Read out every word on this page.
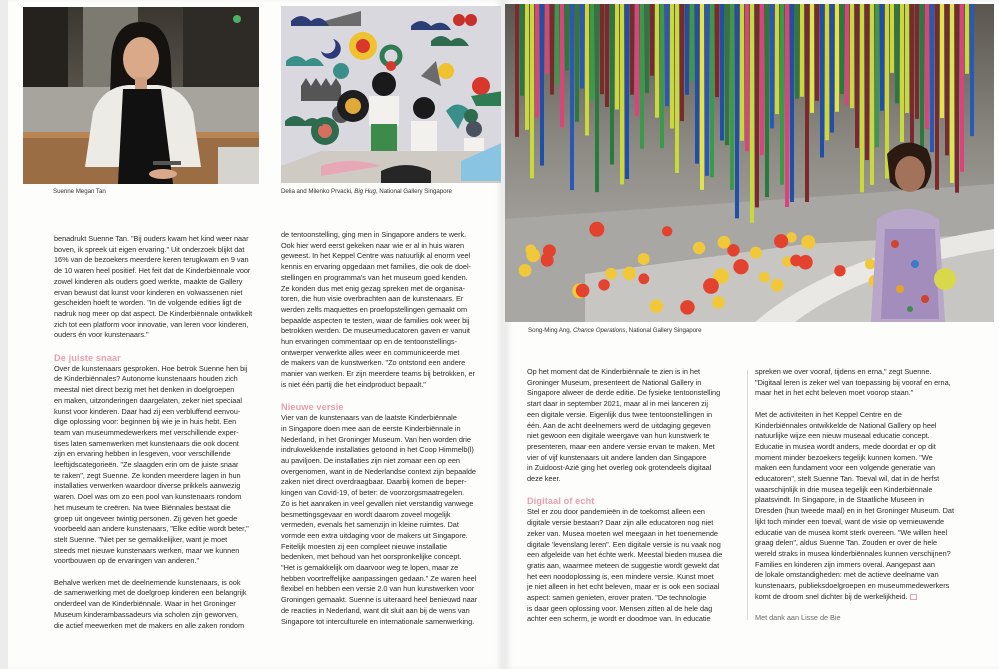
Suenne Megan Tan	Delia and Milenko Prvacki, Big Hug, National Gallery Singapore
benadrukt Suenne Tan. "Bij ouders kwam het kind weer naar
boven, ik spreek uit eigen ervaring." Uit onderzoek blijkt dat
16% van de bezoekers meerdere keren terugkwam en 9 van
de 10 waren heel positief. Het feit dat de Kinderbiënnale voor
zowel kinderen als ouders goed werkte, maakte de Gallery
ervan bewust dat kunst voor kinderen en volwassenen niet
gescheiden hoeft te worden. "In de volgende edities ligt de
nadruk nog meer op dat aspect. De Kinderbiënnale ontwikkelt
zich tot een platform voor innovatie, van leren voor kinderen,
ouders én voor kunstenaars."
De juiste snaar
Over de kunstenaars gesproken. Hoe betrok Suenne hen bij
de Kinderbiënnales? Autonome kunstenaars houden zich
meestal niet direct bezig met het denken in doelgroepen
en maken, uitzonderingen daargelaten, zeker niet speciaal
kunst voor kinderen. Daar had zij een verbluffend eenvou-
dige oplossing voor: beginnen bij wie je in huis hebt. Een
team van museummedewerkers met verschillende exper-
tises laten samenwerken met kunstenaars die ook docent
zijn en ervaring hebben in lesgeven, voor verschillende
leeftijdscategorieën. "Ze slaagden erin om de juiste snaar
te raken", zegt Suenne. Ze konden meerdere lagen in hun
installaties verwerken waardoor diverse prikkels aanwezig
waren. Doel was om zo een pool van kunstenaars rondom
het museum te creëren. Na twee Biënnales bestaat die
groep uit ongeveer twintig personen. Zij geven het goede
voorbeeld aan andere kunstenaars, "Elke editie wordt beter,"
stelt Suenne. "Niet per se gemakkelijker, want je moet
steeds met nieuwe kunstenaars werken, maar we kunnen
voortbouwen op de ervaringen van anderen."
Behalve werken met de deelnemende kunstenaars, is ook
de samenwerking met de doelgroep kinderen een belangrijk
onderdeel van de Kinderbiënnale. Waar in het Groninger
Museum kinderambassadeurs via scholen zijn geworven,
die actief meewerken met de makers en alle zaken rondom
de tentoonstelling, ging men in Singapore anders te werk.
Ook hier werd eerst gekeken naar wie er al in huis waren
geweest. In het Keppel Centre was natuurlijk al enorm veel
kennis en ervaring opgedaan met families, die ook de doel-
stellingen en programma's van het museum goed kenden.
Ze konden dus met enig gezag spreken met de organisa-
toren, die hun visie overbrachten aan de kunstenaars. Er
werden zelfs maquettes en proefopstellingen gemaakt om
bepaalde aspecten te testen, waar de families ook weer bij
betrokken werden. De museumeducatoren gaven er vanuit
hun ervaringen commentaar op en de tentoonstellings-
ontwerper verwerkte alles weer en communiceerde met
de makers van de kunstwerken. "Zo ontstond een andere
manier van werken. Er zijn meerdere teams bij betrokken, er
is niet één partij die het eindproduct bepaalt."
Nieuwe versie
Vier van de kunstenaars van de laatste Kinderbiënnale
in Singapore doen mee aan de eerste Kinderbiënnale in
Nederland, in het Groninger Museum. Van hen worden drie
indrukwekkende installaties getoond in het Coop Himmelb(l)
au paviljoen. De installaties zijn niet zomaar een op een
overgenomen, want in de Nederlandse context zijn bepaalde
zaken niet direct overdraagbaar. Daarbij komen de beper-
kingen van Covid-19, of beter: de voorzorgsmaatregelen.
Zo is het aanraken in veel gevallen niet verstandig vanwege
besmettingsgevaar en wordt daarom zoveel mogelijk
vermeden, evenals het samenzijn in kleine ruimtes. Dat
vormde een extra uitdaging voor de makers uit Singapore.
Feitelijk moesten zij een compleet nieuwe installatie
bedenken, met behoud van het oorspronkelijke concept.
"Het is gemakkelijk om daarvoor weg te lopen, maar ze
hebben voortreffelijke aanpassingen gedaan." Ze waren heel
flexibel en hebben een versie 2.0 van hun kunstwerken voor
Groningen gemaakt. Suenne is uiteraard heel benieuwd naar
de reacties in Nederland, want dit sluit aan bij de wens van
Singapore tot interculturele en internationale samenwerking.
Song-Ming Ang, Chance Operations, National Gallery Singapore
Op het moment dat de Kinderbiënnale te zien is in het
Groninger Museum, presenteert de National Gallery in
Singapore alweer de derde editie. De fysieke tentoonstelling
start daar in september 2021, maar al in mei lanceren zij
een digitale versie. Eigenlijk dus twee tentoonstellingen in
één. Aan de acht deelnemers werd de uitdaging gegeven
niet gewoon een digitale weergave van hun kunstwerk te
presenteren, maar een andere versie ervan te maken. Met
vier of vijf kunstenaars uit andere landen dan Singapore
in Zuidoost-Azië ging het overleg ook grotendeels digitaal
deze keer.
Digitaal of echt
Stel er zou door pandemieën in de toekomst alleen een
digitale versie bestaan? Daar zijn alle educatoren nog niet
zeker van. Musea moeten wel meegaan in het toenemende
digitale 'levenslang leren". Een digitale versie is nu vaak nog
een afgeleide van het échte werk. Meestal bieden musea die
gratis aan, waarmee meteen de suggestie wordt gewekt dat
het een noodoplossing is, een mindere versie. Kunst moet
je niet alleen in het echt beleven, maar er is ook een sociaal
aspect: samen genieten, erover praten. "De technologie
is daar geen oplossing voor. Mensen zitten al de hele dag
achter een scherm, je wordt er doodmoe van. In educatie
spreken we over vooraf, tijdens en erna," zegt Suenne.
"Digitaal leren is zeker wel van toepassing bij vooraf en erna,
maar het in het echt beleven moet voorop staan."
Met de activiteiten in het Keppel Centre en de
Kinderbiënnales ontwikkelde de National Gallery op heel
natuurlijke wijze een nieuw museaal educatie concept.
Educatie in musea wordt anders, mede doordat er op dit
moment minder bezoekers tegelijk kunnen komen. "We
maken een fundament voor een volgende generatie van
educatoren", stelt Suenne Tan. Toeval wil, dat in de herfst
waarschijnlijk in drie musea tegelijk een Kinderbiënnale
plaatsvindt. In Singapore, in de Staatliche Museen in
Dresden (hun tweede maal) en in het Groninger Museum. Dat
lijkt toch minder een toeval, want de visie op vernieuwende
educatie van de musea komt sterk overeen. "We willen heel
graag delen", aldus Suenne Tan. Zouden er over de hele
wereld straks in musea kinderbiënnales kunnen verschijnen?
Families en kinderen zijn immers overal. Aangepast aan
de lokale omstandigheden: met de actieve deelname van
kunstenaars, publieksdoelgroepen en museummedewerkers
komt de droom snel dichter bij de werkelijkheid.
Met dank aan Lisse de Bie
